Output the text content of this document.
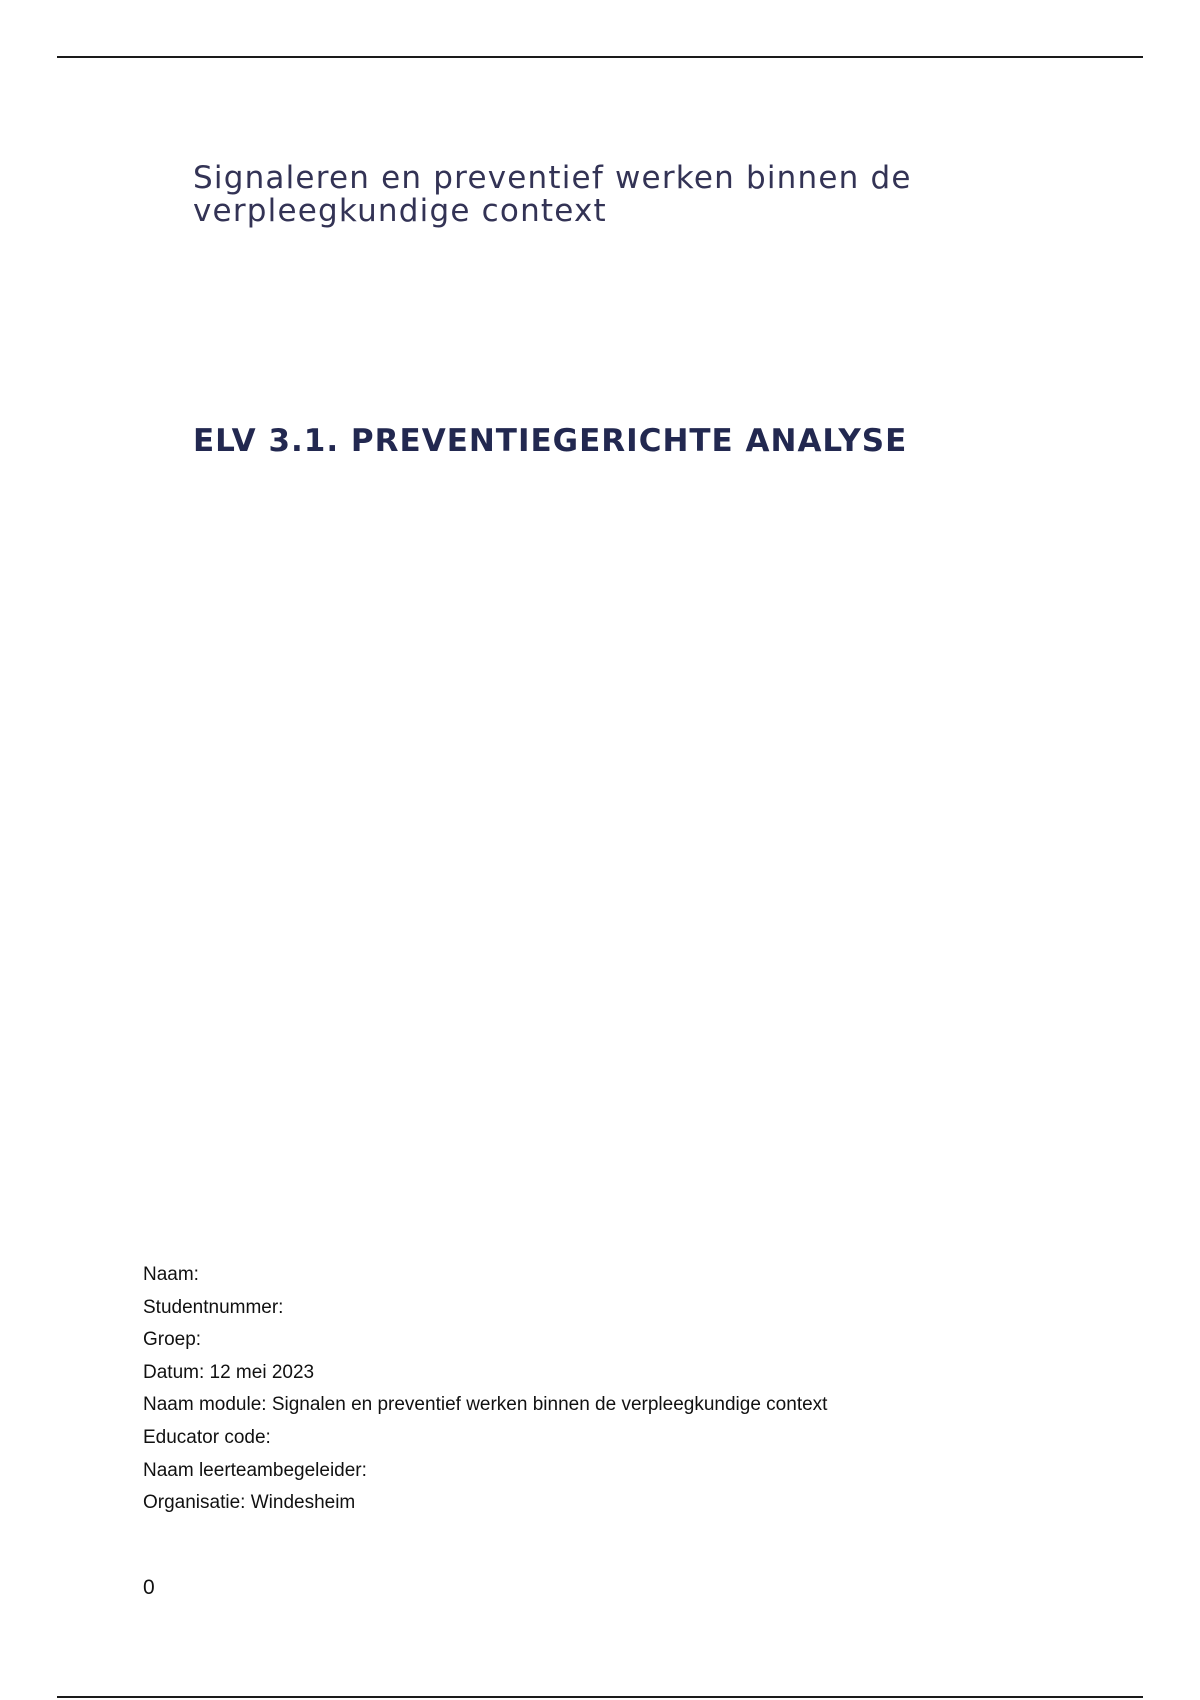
Signaleren en preventief werken binnen de
verpleegkundige context
ELV 3.1. PREVENTIEGERICHTE ANALYSE
Naam:
Studentnummer:
Groep:
Datum: 12 mei 2023
Naam module: Signalen en preventief werken binnen de verpleegkundige context
Educator code:
Naam leerteambegeleider:
Organisatie: Windesheim
0
